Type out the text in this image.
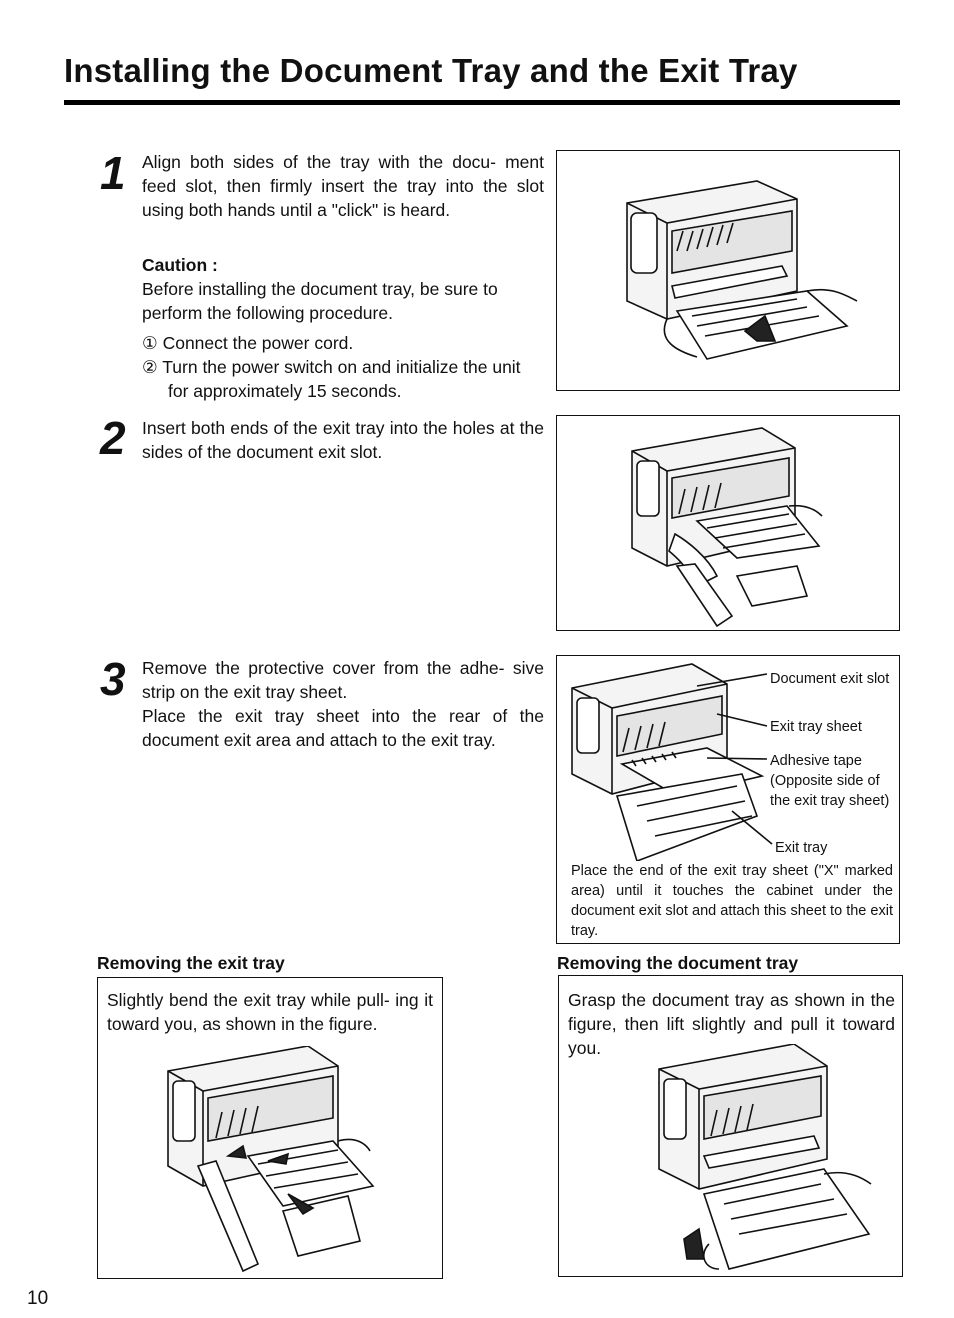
Installing the Document Tray and the Exit Tray
1 Align both sides of the tray with the docu- ment feed slot, then firmly insert the tray into the slot using both hands until a "click" is heard.
Caution :
Before installing the document tray, be sure to perform the following procedure.
① Connect the power cord.
② Turn the power switch on and initialize the unit for approximately 15 seconds.
2 Insert both ends of the exit tray into the holes at the sides of the document exit slot.
3 Remove the protective cover from the adhe- sive strip on the exit tray sheet.
Place the exit tray sheet into the rear of the document exit area and attach to the exit tray.
Document exit slot
Exit tray sheet
Adhesive tape (Opposite side of the exit tray sheet)
Exit tray
Place the end of the exit tray sheet ("X" marked area) until it touches the cabinet under the document exit slot and attach this sheet to the exit tray.
Removing the exit tray
Slightly bend the exit tray while pull- ing it toward you, as shown in the figure.
Removing the document tray
Grasp the document tray as shown in the figure, then lift slightly and pull it toward you.
10
